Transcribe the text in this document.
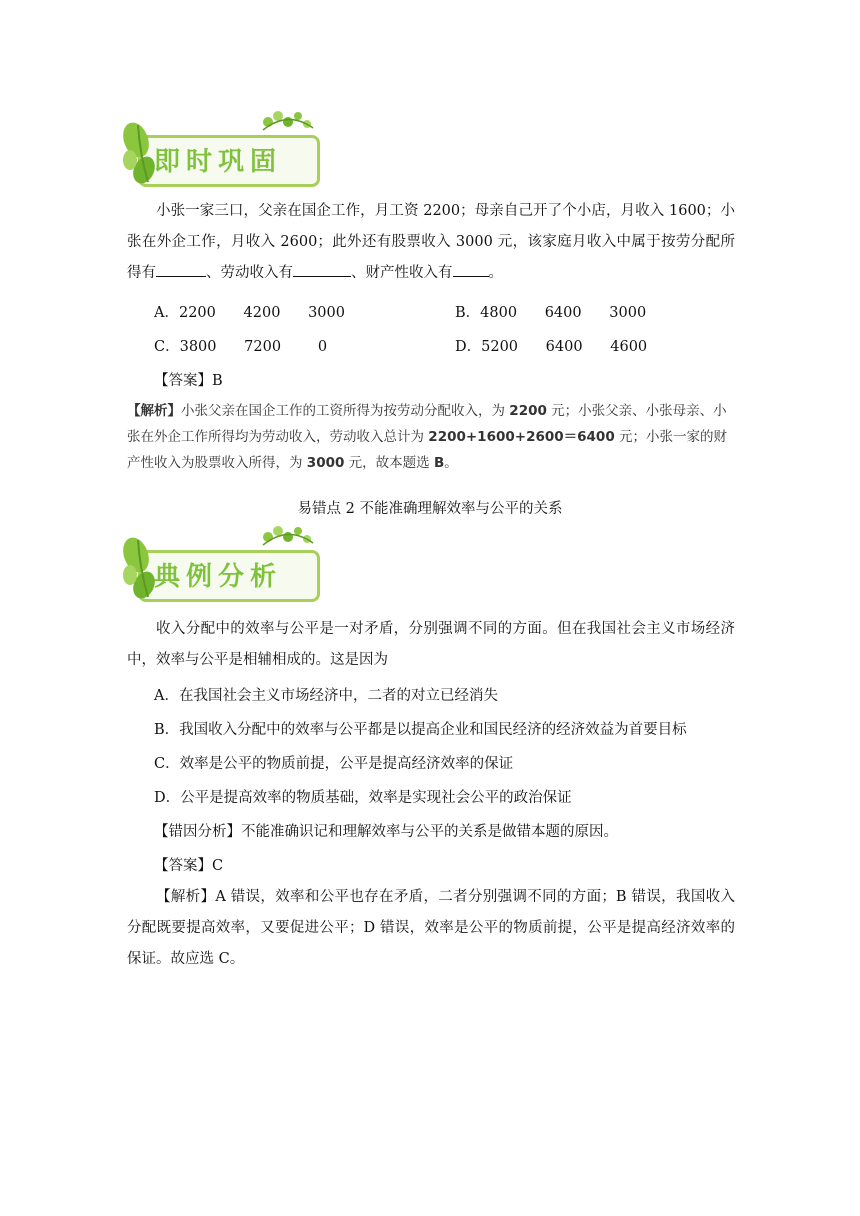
即时巩固
小张一家三口，父亲在国企工作，月工资 2200；母亲自己开了个小店，月收入 1600；小张在外企工作，月收入 2600；此外还有股票收入 3000 元，该家庭月收入中属于按劳分配所得有	、劳动收入有	、财产性收入有 。
A．2200      4200      3000	B．4800      6400      3000
C．3800      7200        0	D．5200      6400      4600
【答案】B
【解析】小张父亲在国企工作的工资所得为按劳动分配收入，为 2200 元；小张父亲、小张母亲、小张在外企工作所得均为劳动收入，劳动收入总计为 2200+1600+2600＝6400 元；小张一家的财产性收入为股票收入所得，为 3000 元，故本题选 B。
易错点 2 不能准确理解效率与公平的关系
典例分析
收入分配中的效率与公平是一对矛盾，分别强调不同的方面。但在我国社会主义市场经济中，效率与公平是相辅相成的。这是因为
A．在我国社会主义市场经济中，二者的对立已经消失
B．我国收入分配中的效率与公平都是以提高企业和国民经济的经济效益为首要目标
C．效率是公平的物质前提，公平是提高经济效率的保证
D．公平是提高效率的物质基础，效率是实现社会公平的政治保证
【错因分析】不能准确识记和理解效率与公平的关系是做错本题的原因。
【答案】C
【解析】A 错误，效率和公平也存在矛盾，二者分别强调不同的方面；B 错误，我国收入分配既要提高效率，又要促进公平；D 错误，效率是公平的物质前提，公平是提高经济效率的保证。故应选 C。
